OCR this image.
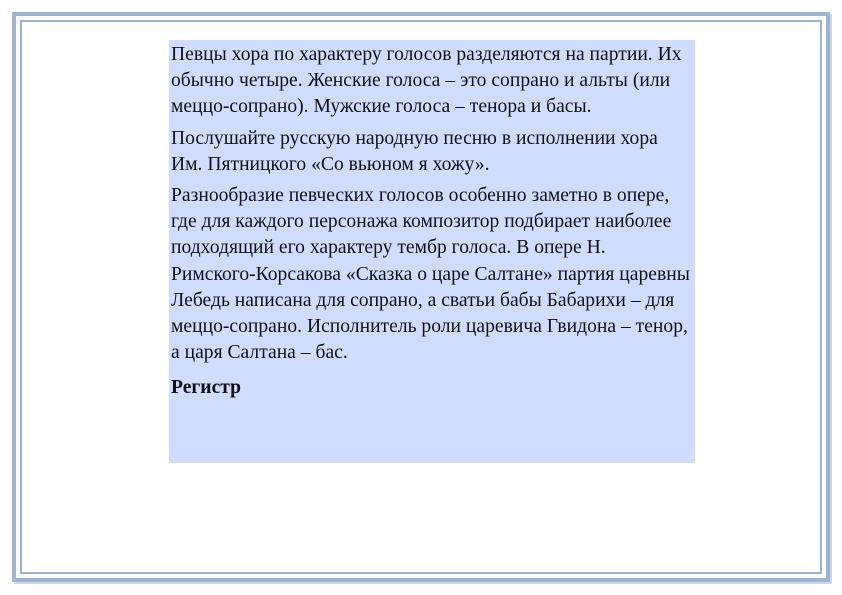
Певцы хора по характеру голосов разделяются на партии. Их обычно четыре. Женские голоса – это сопрано и альты (или меццо-сопрано). Мужские голоса – тенора и басы.

Послушайте русскую народную песню в исполнении хора Им. Пятницкого «Со вьюном я хожу».

Разнообразие певческих голосов особенно заметно в опере, где для каждого персонажа композитор подбирает наиболее подходящий его характеру тембр голоса. В опере Н. Римского-Корсакова «Сказка о царе Салтане» партия царевны Лебедь написана для сопрано, а сватьи бабы Бабарихи – для меццо-сопрано. Исполнитель роли царевича Гвидона – тенор, а царя Салтана – бас.

Регистр
